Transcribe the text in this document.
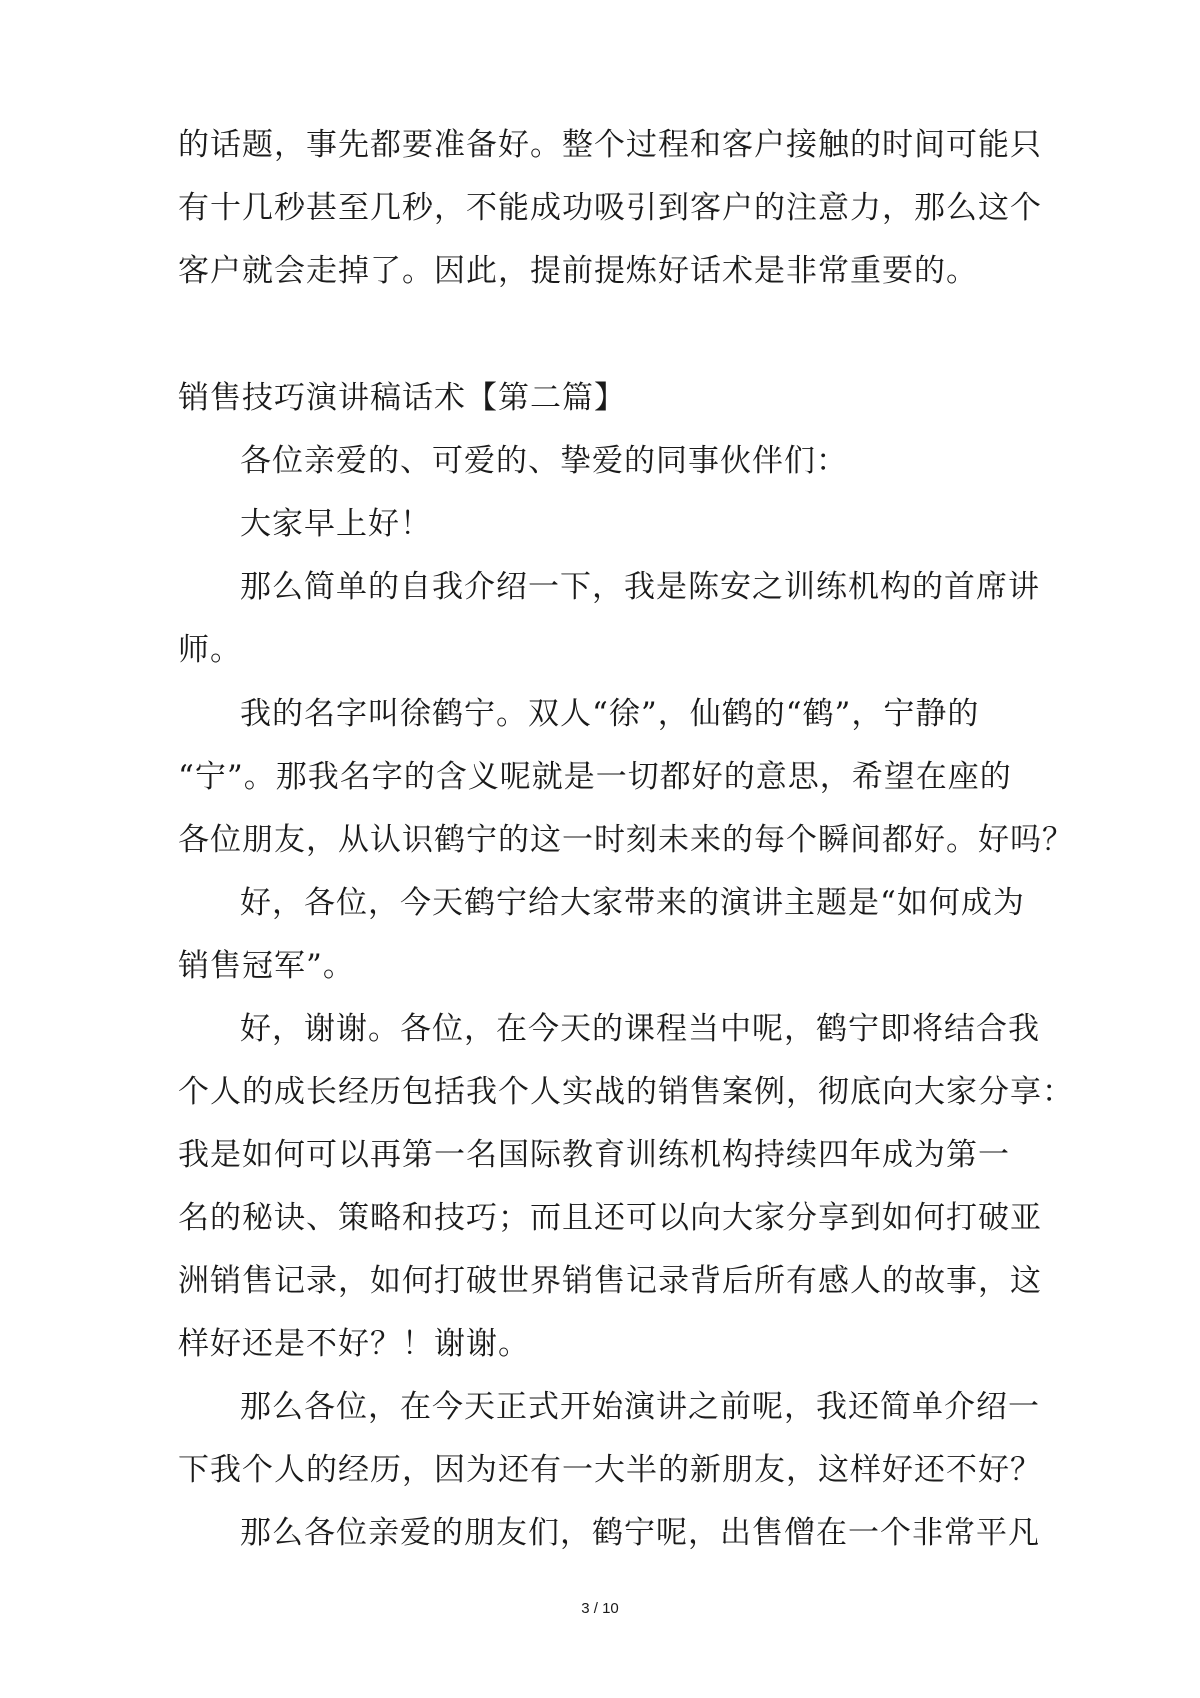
的话题，事先都要准备好。整个过程和客户接触的时间可能只
有十几秒甚至几秒，不能成功吸引到客户的注意力，那么这个
客户就会走掉了。因此，提前提炼好话术是非常重要的。
销售技巧演讲稿话术【第二篇】
各位亲爱的、可爱的、挚爱的同事伙伴们：
大家早上好！
那么简单的自我介绍一下，我是陈安之训练机构的首席讲
师。
我的名字叫徐鹤宁。双人“徐”，仙鹤的“鹤”，宁静的
“宁”。那我名字的含义呢就是一切都好的意思，希望在座的
各位朋友，从认识鹤宁的这一时刻未来的每个瞬间都好。好吗？
好，各位，今天鹤宁给大家带来的演讲主题是“如何成为
销售冠军”。
好，谢谢。各位，在今天的课程当中呢，鹤宁即将结合我
个人的成长经历包括我个人实战的销售案例，彻底向大家分享：
我是如何可以再第一名国际教育训练机构持续四年成为第一
名的秘诀、策略和技巧；而且还可以向大家分享到如何打破亚
洲销售记录，如何打破世界销售记录背后所有感人的故事，这
样好还是不好？！谢谢。
那么各位，在今天正式开始演讲之前呢，我还简单介绍一
下我个人的经历，因为还有一大半的新朋友，这样好还不好？
那么各位亲爱的朋友们，鹤宁呢，出售僧在一个非常平凡
3 / 10
